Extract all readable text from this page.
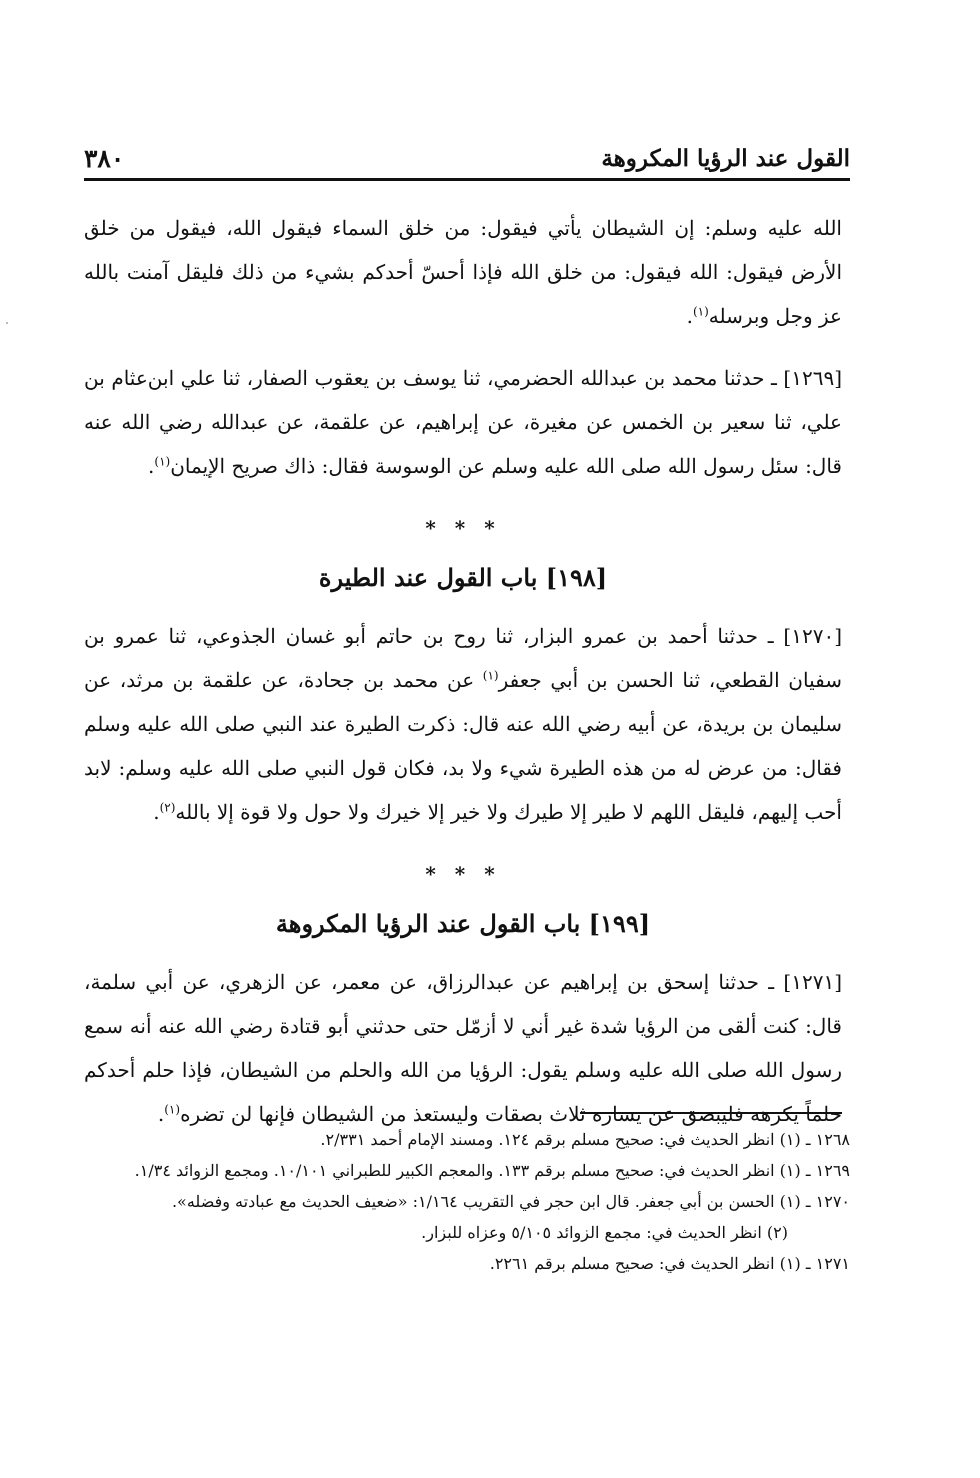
٣٨٠	القول عند الرؤيا المكروهة

الله عليه وسلم: إن الشيطان يأتي فيقول: من خلق السماء فيقول الله، فيقول من خلق الأرض فيقول: الله فيقول: من خلق الله فإذا أحسّ أحدكم بشيء من ذلك فليقل آمنت بالله عز وجل وبرسله$^{(١)}$.

[١٢٦٩] ـ حدثنا محمد بن عبدالله الحضرمي، ثنا يوسف بن يعقوب الصفار، ثنا علي ابن‌عثام بن علي، ثنا سعير بن الخمس عن مغيرة، عن إبراهيم، عن علقمة، عن عبدالله رضي الله عنه قال: سئل رسول الله صلى الله عليه وسلم عن الوسوسة فقال: ذاك صريح الإيمان$^{(١)}$.

* * *
[١٩٨] باب القول عند الطيرة

[١٢٧٠] ـ حدثنا أحمد بن عمرو البزار، ثنا روح بن حاتم أبو غسان الجذوعي، ثنا عمرو بن سفيان القطعي، ثنا الحسن بن أبي جعفر$^{(١)}$ عن محمد بن جحادة، عن علقمة بن مرثد، عن سليمان بن بريدة، عن أبيه رضي الله عنه قال: ذكرت الطيرة عند النبي صلى الله عليه وسلم فقال: من عرض له من هذه الطيرة شيء ولا بد، فكان قول النبي صلى الله عليه وسلم: لابد أحب إليهم، فليقل اللهم لا طير إلا طيرك ولا خير إلا خيرك ولا حول ولا قوة إلا بالله$^{(٢)}$.

* * *
[١٩٩] باب القول عند الرؤيا المكروهة

[١٢٧١] ـ حدثنا إسحق بن إبراهيم عن عبدالرزاق، عن معمر، عن الزهري، عن أبي سلمة، قال: كنت ألقى من الرؤيا شدة غير أني لا أزمّل حتى حدثني أبو قتادة رضي الله عنه أنه سمع رسول الله صلى الله عليه وسلم يقول: الرؤيا من الله والحلم من الشيطان، فإذا حلم أحدكم حلماً يكرهه فليبصق عن يساره ثلاث بصقات وليستعذ من الشيطان فإنها لن تضره$^{(١)}$.

١٢٦٨ ـ (١) انظر الحديث في: صحيح مسلم برقم ١٢٤. ومسند الإمام أحمد ٢/٣٣١.

١٢٦٩ ـ (١) انظر الحديث في: صحيح مسلم برقم ١٣٣. والمعجم الكبير للطبراني ١٠/١٠١. ومجمع الزوائد ١/٣٤.

١٢٧٠ ـ (١) الحسن بن أبي جعفر. قال ابن حجر في التقريب ١/١٦٤: «ضعيف الحديث مع عبادته وفضله».

(٢) انظر الحديث في: مجمع الزوائد ٥/١٠٥ وعزاه للبزار.

١٢٧١ ـ (١) انظر الحديث في: صحيح مسلم برقم ٢٢٦١.
